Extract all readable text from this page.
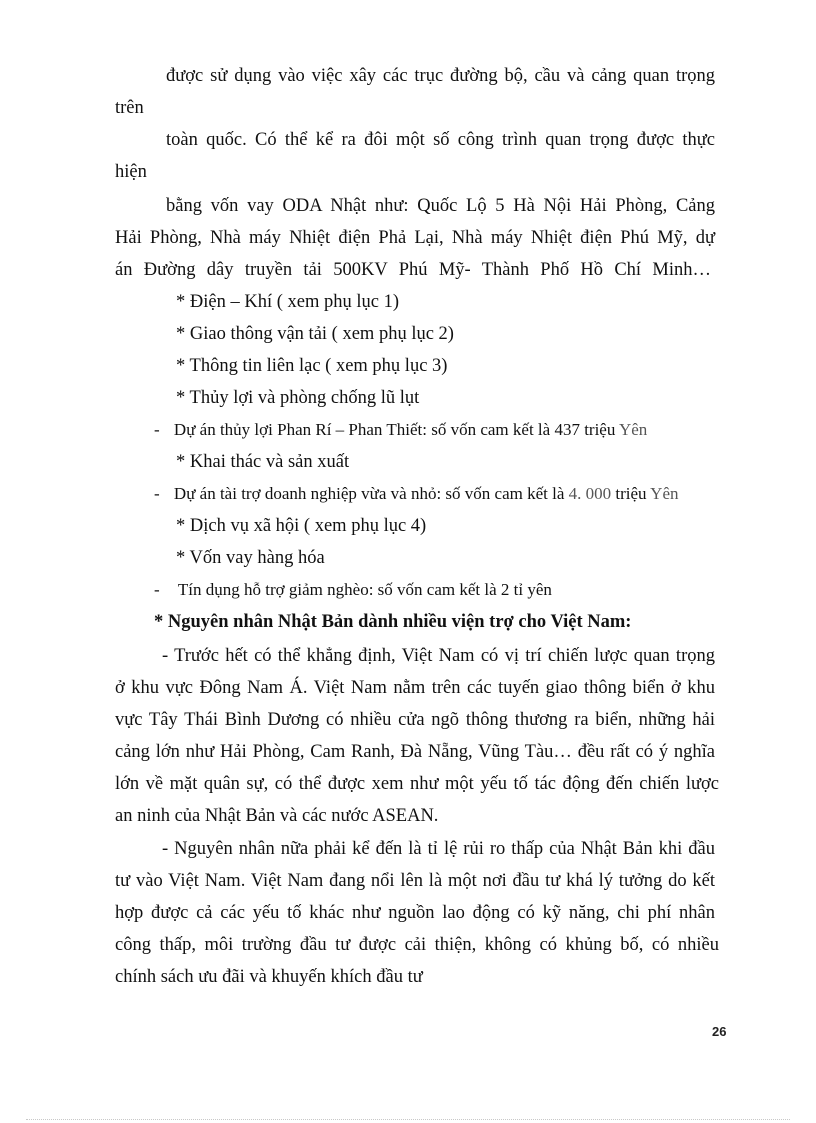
được sử dụng vào việc xây các trục đường bộ, cầu và cảng quan trọng

trên

toàn quốc. Có thể kể ra đôi một số công trình quan trọng được thực

hiện

bằng vốn vay ODA Nhật như: Quốc Lộ 5 Hà Nội Hải Phòng, Cảng

Hải Phòng, Nhà máy Nhiệt điện Phả Lại, Nhà máy Nhiệt điện Phú Mỹ, dự

án Đường dây truyền tải 500KV Phú Mỹ- Thành Phố Hồ Chí Minh…

* Điện – Khí ( xem phụ lục 1)

* Giao thông vận tải ( xem phụ lục 2)

* Thông tin liên lạc ( xem phụ lục 3)

* Thủy lợi và phòng chống lũ lụt

- Dự án thủy lợi Phan Rí – Phan Thiết: số vốn cam kết là 437 triệu Yên

* Khai thác và sản xuất

- Dự án tài trợ doanh nghiệp vừa và nhỏ: số vốn cam kết là 4. 000 triệu Yên

* Dịch vụ xã hội ( xem phụ lục 4)

* Vốn vay hàng hóa

- Tín dụng hỗ trợ giảm nghèo: số vốn cam kết là 2 tỉ yên

* Nguyên nhân Nhật Bản dành nhiều viện trợ cho Việt Nam:

- Trước hết có thể khẳng định, Việt Nam có vị trí chiến lược quan trọng

ở khu vực Đông Nam Á. Việt Nam nằm trên các tuyến giao thông biển ở khu

vực Tây Thái Bình Dương có nhiều cửa ngõ thông thương ra biển, những hải

cảng lớn như Hải Phòng, Cam Ranh, Đà Nẵng, Vũng Tàu… đều rất có ý nghĩa

lớn về mặt quân sự, có thể được xem như một yếu tố tác động đến chiến lược

an ninh của Nhật Bản và các nước ASEAN.

- Nguyên nhân nữa phải kể đến là tỉ lệ rủi ro thấp của Nhật Bản khi đầu

tư vào Việt Nam. Việt Nam đang nổi lên là một nơi đầu tư khá lý tưởng do kết

hợp được cả các yếu tố khác như nguồn lao động có kỹ năng, chi phí nhân

công thấp, môi trường đầu tư được cải thiện, không có khủng bố, có nhiều

chính sách ưu đãi và khuyến khích đầu tư

26
